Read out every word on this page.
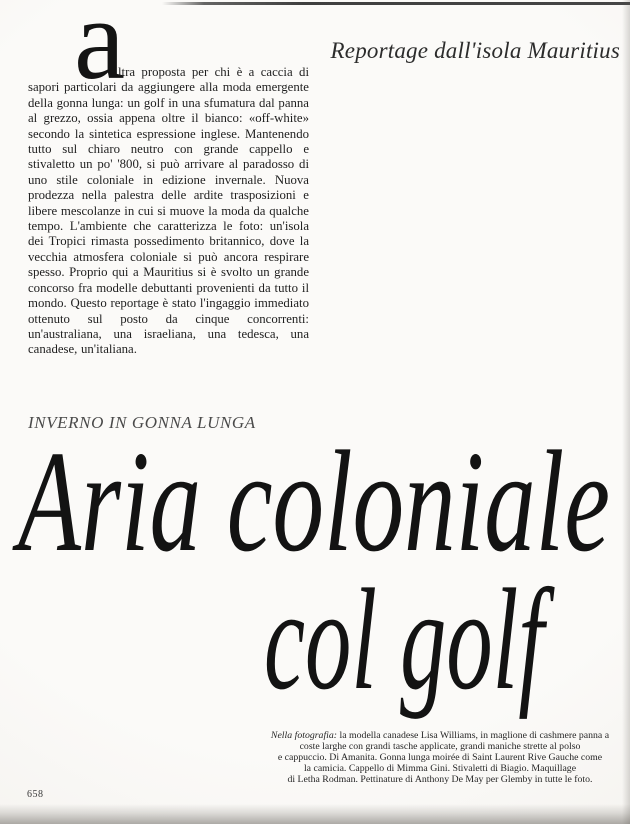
Reportage dall'isola Mauritius
a

ltra proposta per chi è a caccia di sapori particolari da aggiungere alla moda emergente della gonna lunga: un golf in una sfumatura dal panna al grezzo, ossia appena oltre il bianco: «off-white» secondo la sintetica espressione inglese. Mantenendo tutto sul chiaro neutro con grande cappello e stivaletto un po' '800, si può arrivare al paradosso di uno stile coloniale in edizione invernale. Nuova prodezza nella palestra delle ardite trasposizioni e libere mescolanze in cui si muove la moda da qualche tempo. L'ambiente che caratterizza le foto: un'isola dei Tropici rimasta possedimento britannico, dove la vecchia atmosfera coloniale si può ancora respirare spesso. Proprio qui a Mauritius si è svolto un grande concorso fra modelle debuttanti provenienti da tutto il mondo. Questo reportage è stato l'ingaggio immediato ottenuto sul posto da cinque concorrenti: un'australiana, una israeliana, una tedesca, una canadese, un'italiana.

INVERNO IN GONNA LUNGA
Aria coloniale
col golf
Nella fotografia: la modella canadese Lisa Williams, in maglione di cashmere panna a
coste larghe con grandi tasche applicate, grandi maniche strette al polso
e cappuccio. Di Amanita. Gonna lunga moirée di Saint Laurent Rive Gauche come
la camicia. Cappello di Mimma Gini. Stivaletti di Biagio. Maquillage
di Letha Rodman. Pettinature di Anthony De May per Glemby in tutte le foto.
658
